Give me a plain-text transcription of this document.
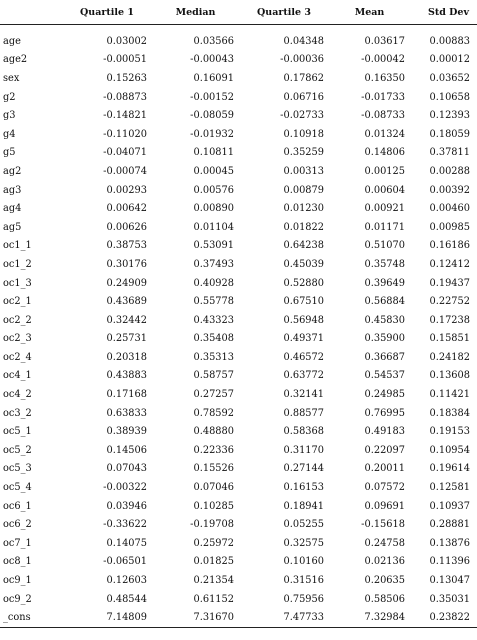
	Quartile 1	Median	Quartile 3	Mean	Std Dev
age	0.03002	0.03566	0.04348	0.03617	0.00883
age2	-0.00051	-0.00043	-0.00036	-0.00042	0.00012
sex	0.15263	0.16091	0.17862	0.16350	0.03652
g2	-0.08873	-0.00152	0.06716	-0.01733	0.10658
g3	-0.14821	-0.08059	-0.02733	-0.08733	0.12393
g4	-0.11020	-0.01932	0.10918	0.01324	0.18059
g5	-0.04071	0.10811	0.35259	0.14806	0.37811
ag2	-0.00074	0.00045	0.00313	0.00125	0.00288
ag3	0.00293	0.00576	0.00879	0.00604	0.00392
ag4	0.00642	0.00890	0.01230	0.00921	0.00460
ag5	0.00626	0.01104	0.01822	0.01171	0.00985
oc1_1	0.38753	0.53091	0.64238	0.51070	0.16186
oc1_2	0.30176	0.37493	0.45039	0.35748	0.12412
oc1_3	0.24909	0.40928	0.52880	0.39649	0.19437
oc2_1	0.43689	0.55778	0.67510	0.56884	0.22752
oc2_2	0.32442	0.43323	0.56948	0.45830	0.17238
oc2_3	0.25731	0.35408	0.49371	0.35900	0.15851
oc2_4	0.20318	0.35313	0.46572	0.36687	0.24182
oc4_1	0.43883	0.58757	0.63772	0.54537	0.13608
oc4_2	0.17168	0.27257	0.32141	0.24985	0.11421
oc3_2	0.63833	0.78592	0.88577	0.76995	0.18384
oc5_1	0.38939	0.48880	0.58368	0.49183	0.19153
oc5_2	0.14506	0.22336	0.31170	0.22097	0.10954
oc5_3	0.07043	0.15526	0.27144	0.20011	0.19614
oc5_4	-0.00322	0.07046	0.16153	0.07572	0.12581
oc6_1	0.03946	0.10285	0.18941	0.09691	0.10937
oc6_2	-0.33622	-0.19708	0.05255	-0.15618	0.28881
oc7_1	0.14075	0.25972	0.32575	0.24758	0.13876
oc8_1	-0.06501	0.01825	0.10160	0.02136	0.11396
oc9_1	0.12603	0.21354	0.31516	0.20635	0.13047
oc9_2	0.48544	0.61152	0.75956	0.58506	0.35031
_cons	7.14809	7.31670	7.47733	7.32984	0.23822
